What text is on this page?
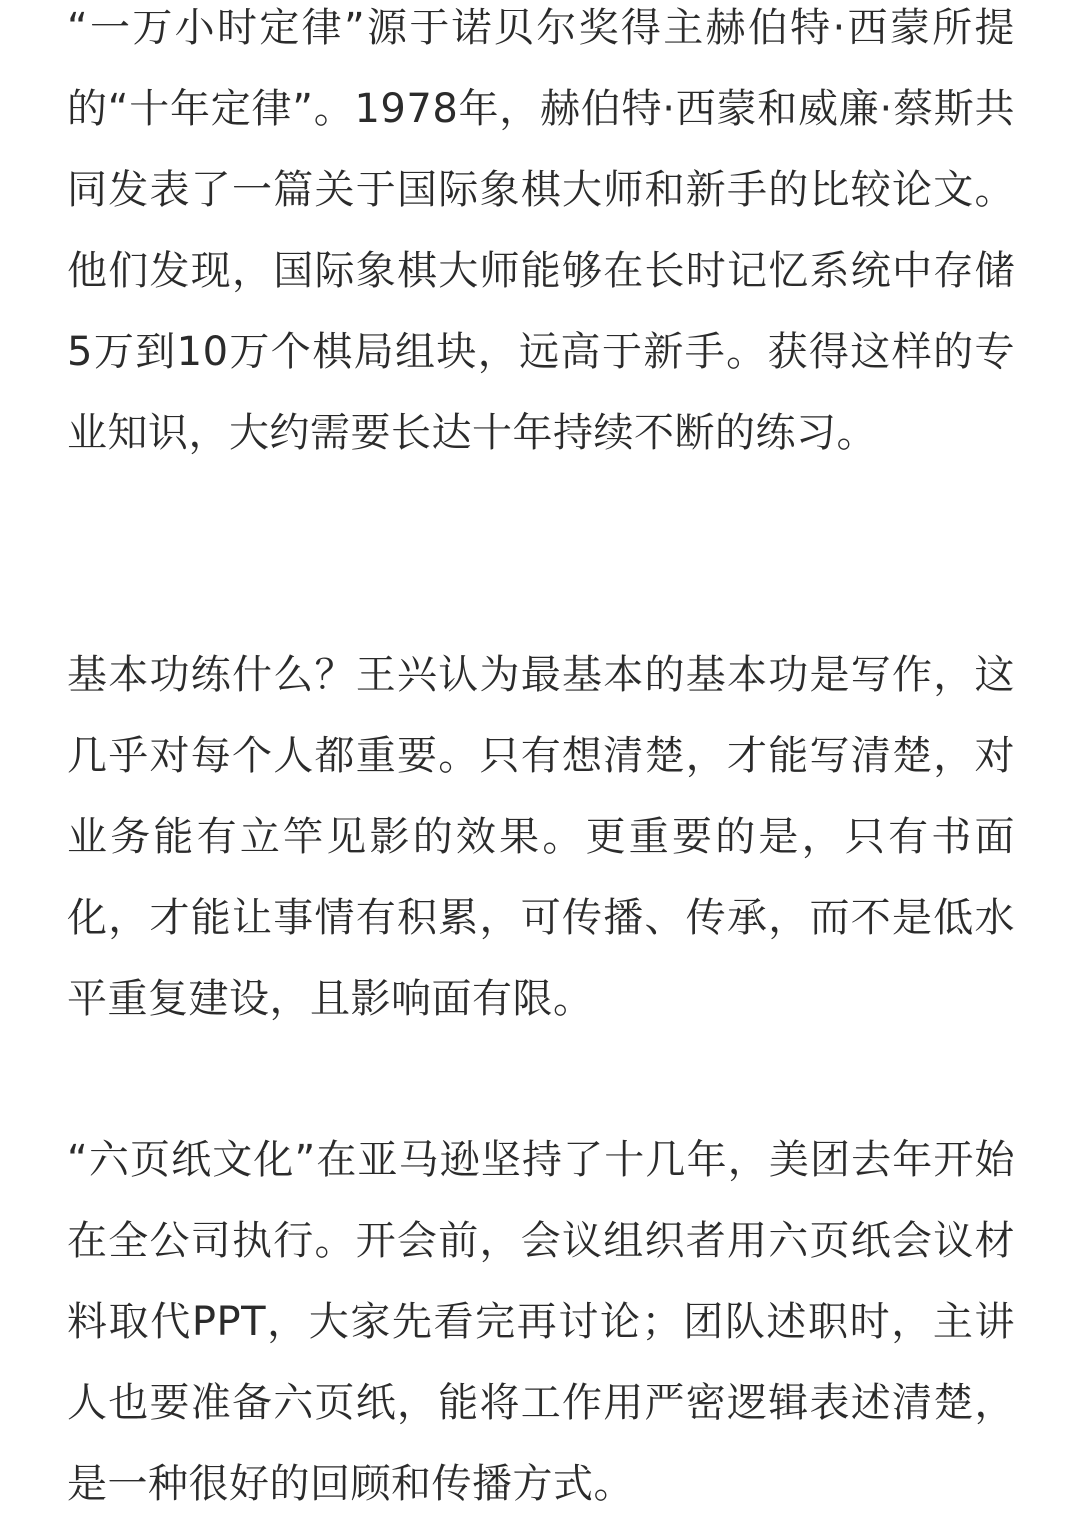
“一万小时定律”源于诺贝尔奖得主赫伯特·西蒙所提的“十年定律”。1978年，赫伯特·西蒙和威廉·蔡斯共同发表了一篇关于国际象棋大师和新手的比较论文。他们发现，国际象棋大师能够在长时记忆系统中存储5万到10万个棋局组块，远高于新手。获得这样的专业知识，大约需要长达十年持续不断的练习。

基本功练什么？王兴认为最基本的基本功是写作，这几乎对每个人都重要。只有想清楚，才能写清楚，对业务能有立竿见影的效果。更重要的是，只有书面化，才能让事情有积累，可传播、传承，而不是低水平重复建设，且影响面有限。

“六页纸文化”在亚马逊坚持了十几年，美团去年开始在全公司执行。开会前，会议组织者用六页纸会议材料取代PPT，大家先看完再讨论；团队述职时，主讲人也要准备六页纸，能将工作用严密逻辑表述清楚，是一种很好的回顾和传播方式。
